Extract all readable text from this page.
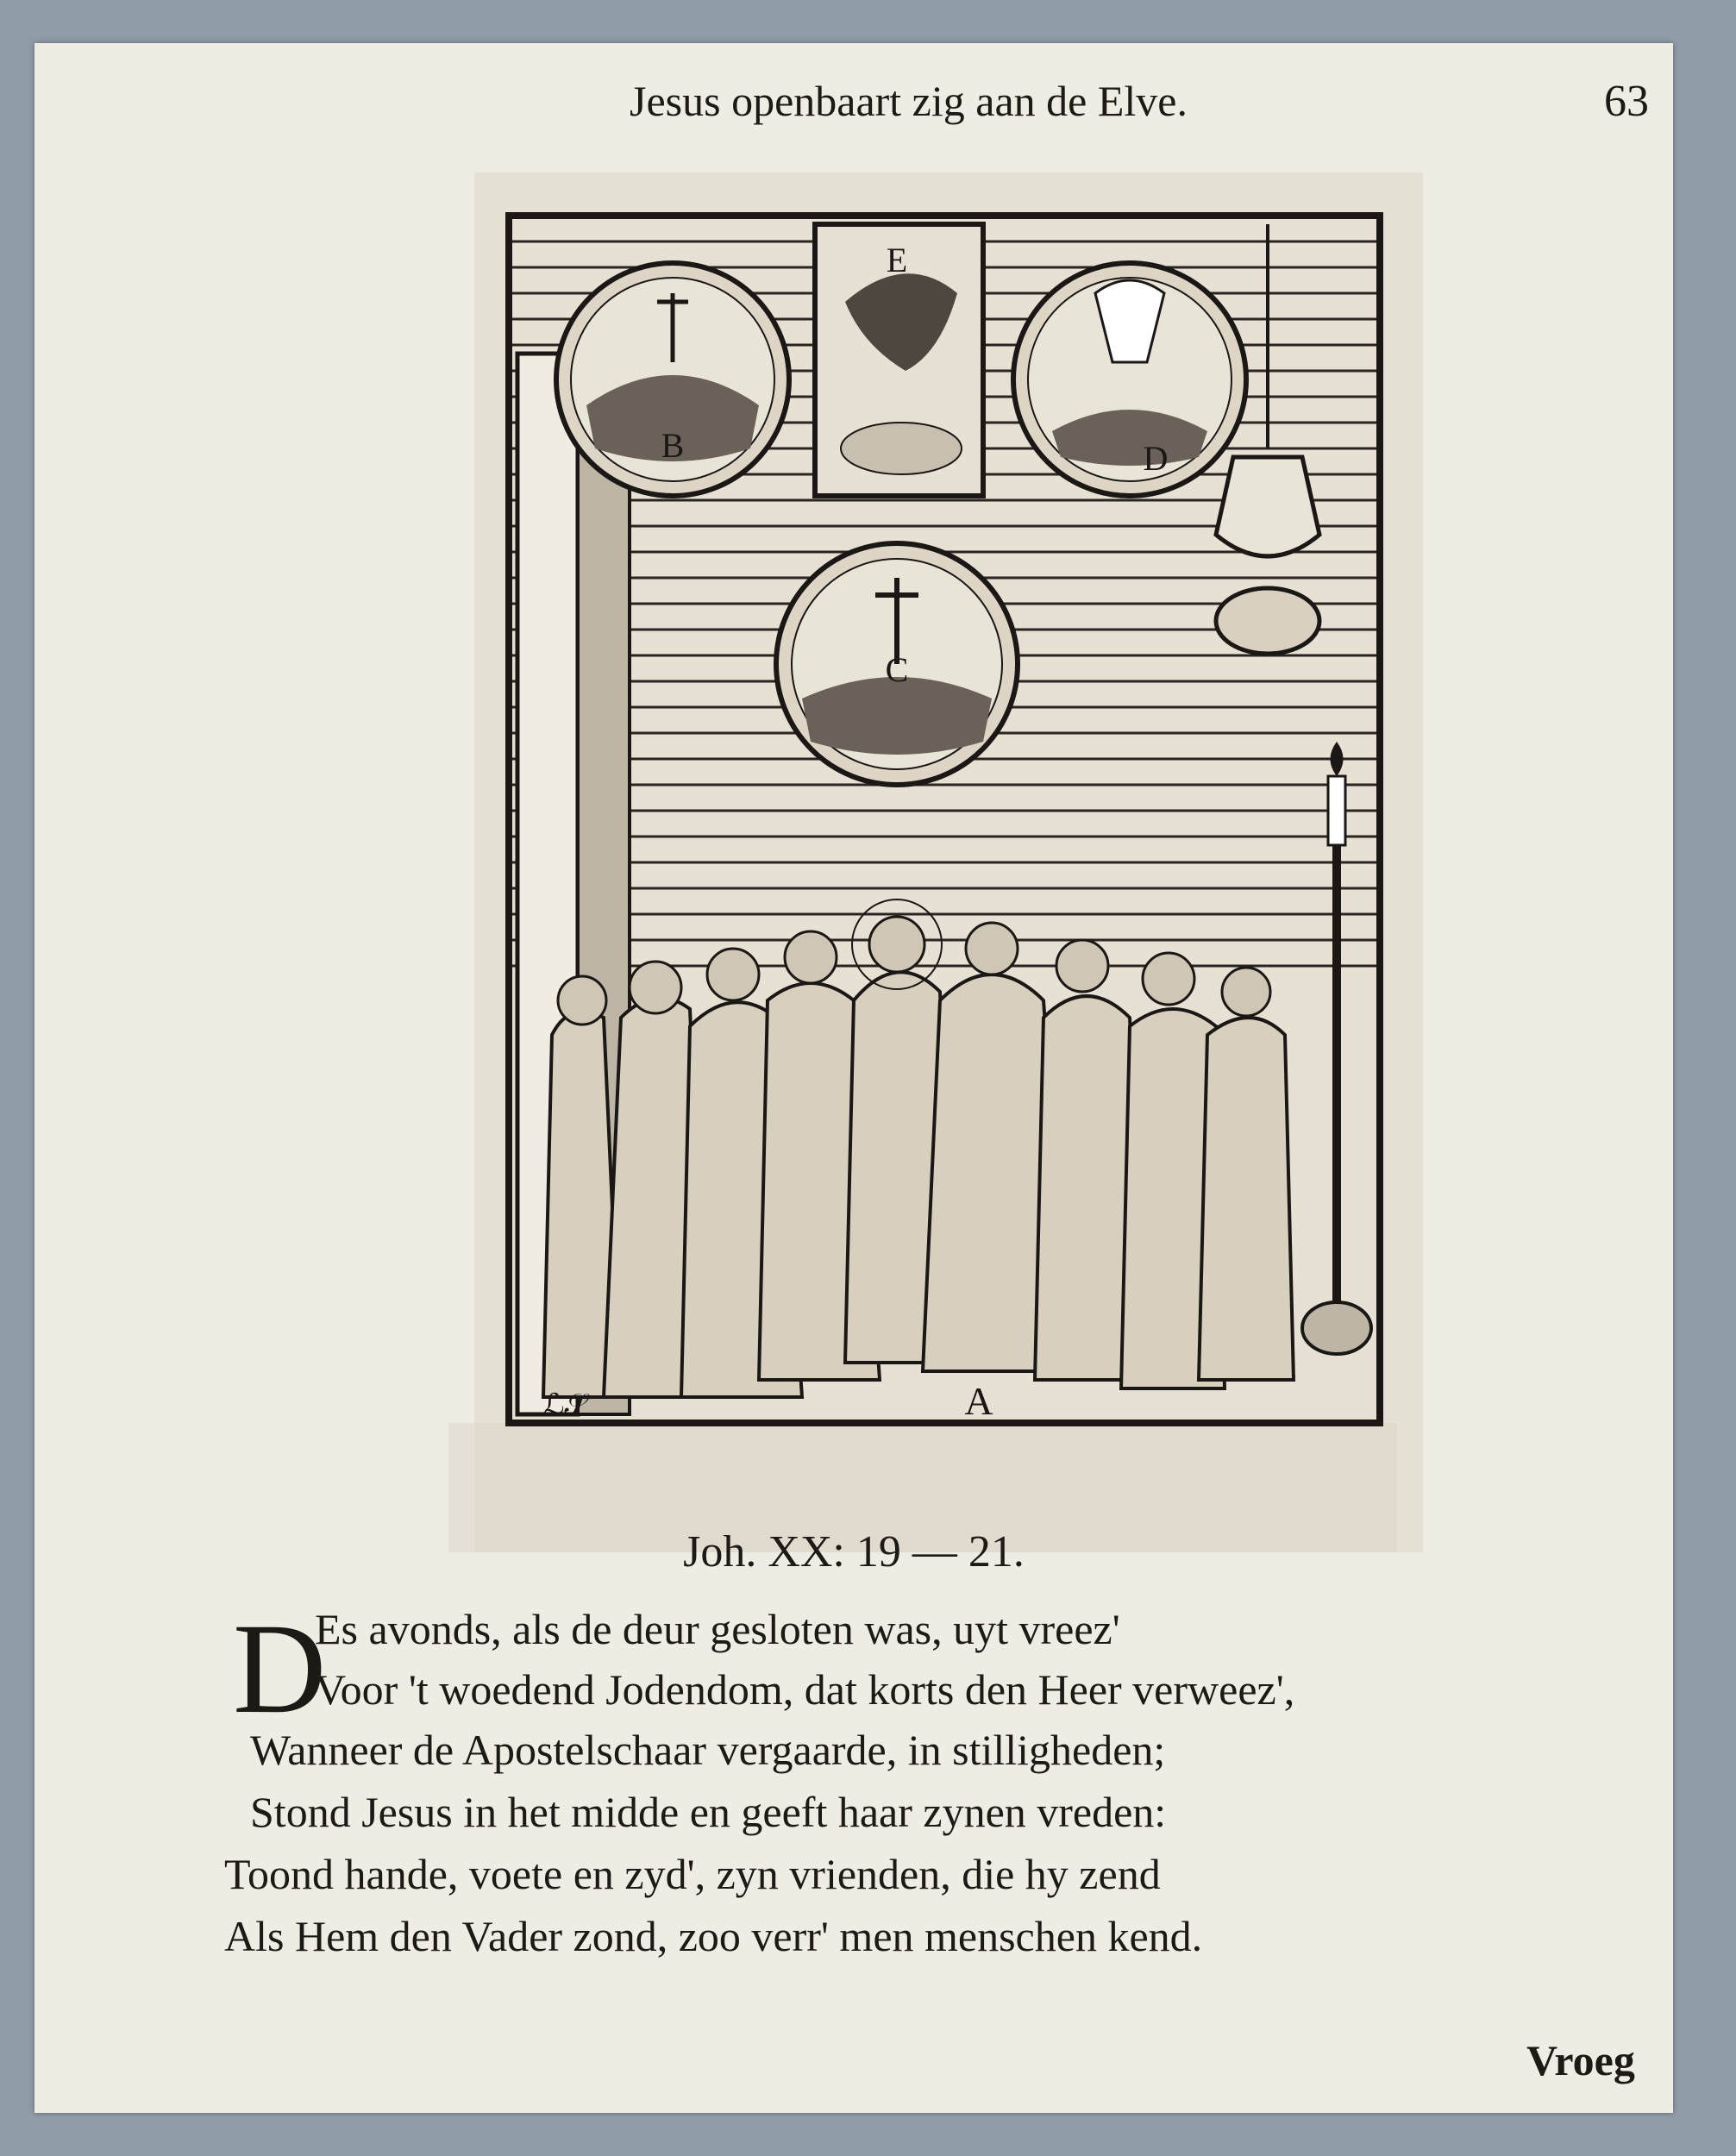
Jesus openbaart zig aan de Elve.	63
B
E
D
C
A
ℒ𝒮
Joh. XX: 19 — 21.
D
Es avonds, als de deur gesloten was, uyt vreez'
Voor 't woedend Jodendom, dat korts den Heer verweez',
Wanneer de Apostelschaar vergaarde, in stilligheden;
Stond Jesus in het midde en geeft haar zynen vreden:
Toond hande, voete en zyd', zyn vrienden, die hy zend
Als Hem den Vader zond, zoo verr' men menschen kend.
Vroeg
